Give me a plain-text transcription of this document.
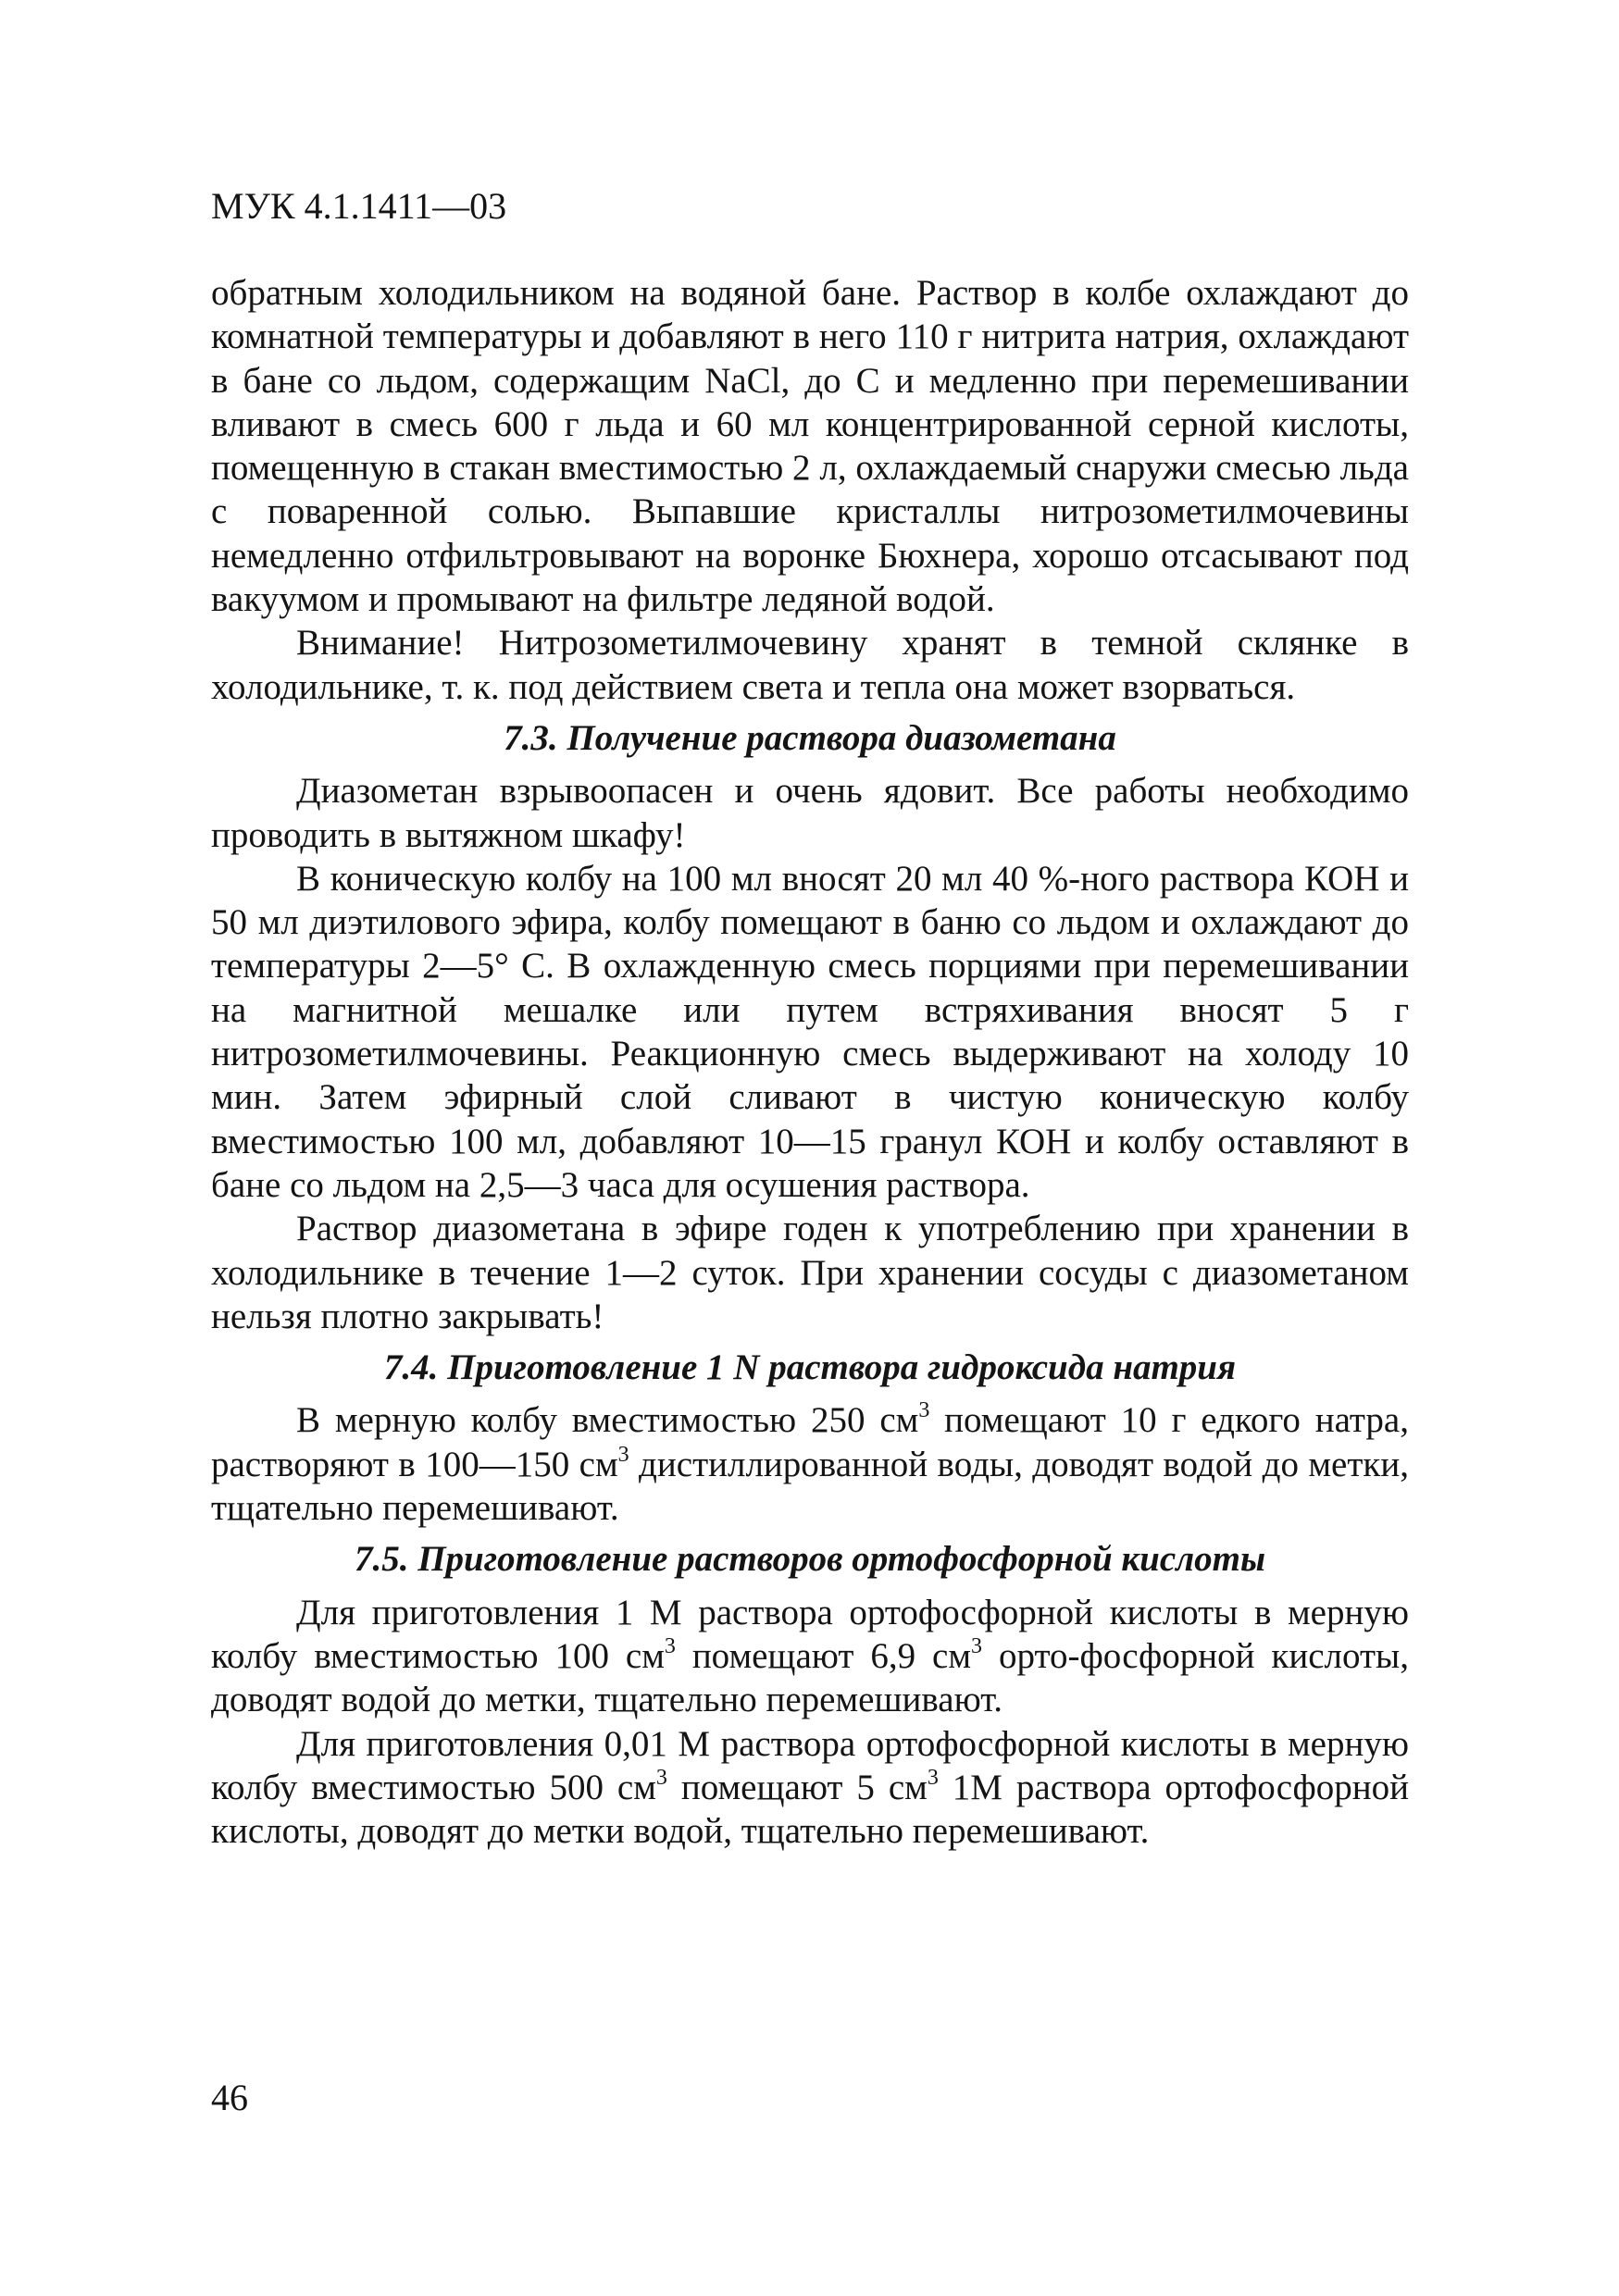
МУК 4.1.1411—03

обратным холодильником на водяной бане. Раствор в колбе охлаждают до комнатной температуры и добавляют в него 110 г нитрита натрия, охлаждают в бане со льдом, содержащим NaCl, до С и медленно при перемешивании вливают в смесь 600 г льда и 60 мл концентрированной серной кислоты, помещенную в стакан вместимостью 2 л, охлаждаемый снаружи смесью льда с поваренной солью. Выпавшие кристаллы нитрозометилмочевины немедленно отфильтровывают на воронке Бюхнера, хорошо отсасывают под вакуумом и промывают на фильтре ледяной водой.

Внимание! Нитрозометилмочевину хранят в темной склянке в холодильнике, т. к. под действием света и тепла она может взорваться.

7.3. Получение раствора диазометана

Диазометан взрывоопасен и очень ядовит. Все работы необходимо проводить в вытяжном шкафу!

В коническую колбу на 100 мл вносят 20 мл 40 %-ного раствора КОН и 50 мл диэтилового эфира, колбу помещают в баню со льдом и охлаждают до температуры 2—5° С. В охлажденную смесь порциями при перемешивании на магнитной мешалке или путем встряхивания вносят 5 г нитрозометилмочевины. Реакционную смесь выдерживают на холоду 10 мин. Затем эфирный слой сливают в чистую коническую колбу вместимостью 100 мл, добавляют 10—15 гранул КОН и колбу оставляют в бане со льдом на 2,5—3 часа для осушения раствора.

Раствор диазометана в эфире годен к употреблению при хранении в холодильнике в течение 1—2 суток. При хранении сосуды с диазометаном нельзя плотно закрывать!

7.4. Приготовление 1 N раствора гидроксида натрия

В мерную колбу вместимостью 250 $см^3$ помещают 10 г едкого натра, растворяют в 100—150 $см^3$ дистиллированной воды, доводят водой до метки, тщательно перемешивают.

7.5. Приготовление растворов ортофосфорной кислоты

Для приготовления 1 М раствора ортофосфорной кислоты в мерную колбу вместимостью 100 $см^3$ помещают 6,9 $см^3$ орто-фосфорной кислоты, доводят водой до метки, тщательно перемешивают.

Для приготовления 0,01 М раствора ортофосфорной кислоты в мерную колбу вместимостью 500 $см^3$ помещают 5 $см^3$ 1М раствора ортофосфорной кислоты, доводят до метки водой, тщательно перемешивают.

46
